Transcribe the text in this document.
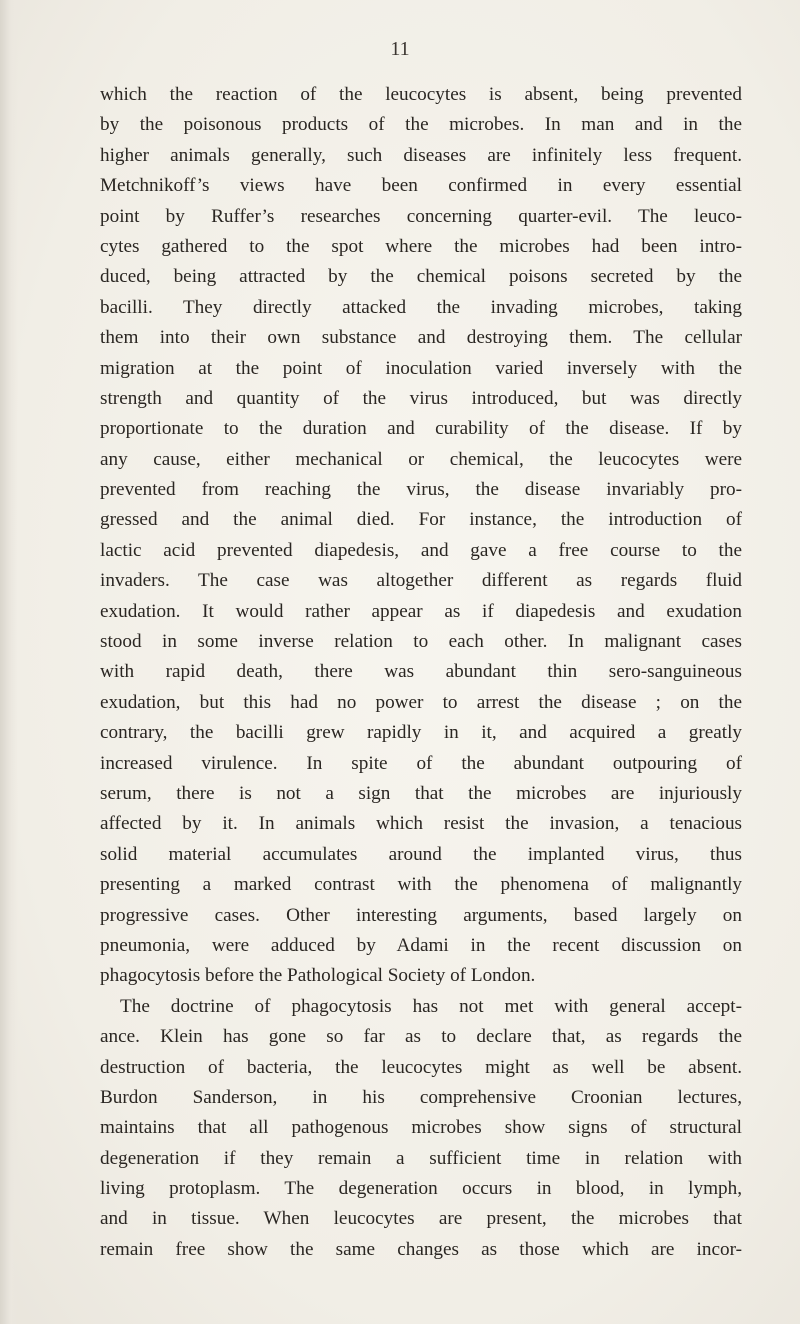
11
which the reaction of the leucocytes is absent, being prevented
by the poisonous products of the microbes. In man and in the
higher animals generally, such diseases are infinitely less frequent.
Metchnikoff’s views have been confirmed in every essential
point by Ruffer’s researches concerning quarter-evil. The leuco-
cytes gathered to the spot where the microbes had been intro-
duced, being attracted by the chemical poisons secreted by the
bacilli. They directly attacked the invading microbes, taking
them into their own substance and destroying them. The cellular
migration at the point of inoculation varied inversely with the
strength and quantity of the virus introduced, but was directly
proportionate to the duration and curability of the disease. If by
any cause, either mechanical or chemical, the leucocytes were
prevented from reaching the virus, the disease invariably pro-
gressed and the animal died. For instance, the introduction of
lactic acid prevented diapedesis, and gave a free course to the
invaders. The case was altogether different as regards fluid
exudation. It would rather appear as if diapedesis and exudation
stood in some inverse relation to each other. In malignant cases
with rapid death, there was abundant thin sero-sanguineous
exudation, but this had no power to arrest the disease ; on the
contrary, the bacilli grew rapidly in it, and acquired a greatly
increased virulence. In spite of the abundant outpouring of
serum, there is not a sign that the microbes are injuriously
affected by it. In animals which resist the invasion, a tenacious
solid material accumulates around the implanted virus, thus
presenting a marked contrast with the phenomena of malignantly
progressive cases. Other interesting arguments, based largely on
pneumonia, were adduced by Adami in the recent discussion on
phagocytosis before the Pathological Society of London.
The doctrine of phagocytosis has not met with general accept-
ance. Klein has gone so far as to declare that, as regards the
destruction of bacteria, the leucocytes might as well be absent.
Burdon Sanderson, in his comprehensive Croonian lectures,
maintains that all pathogenous microbes show signs of structural
degeneration if they remain a sufficient time in relation with
living protoplasm. The degeneration occurs in blood, in lymph,
and in tissue. When leucocytes are present, the microbes that
remain free show the same changes as those which are incor-
